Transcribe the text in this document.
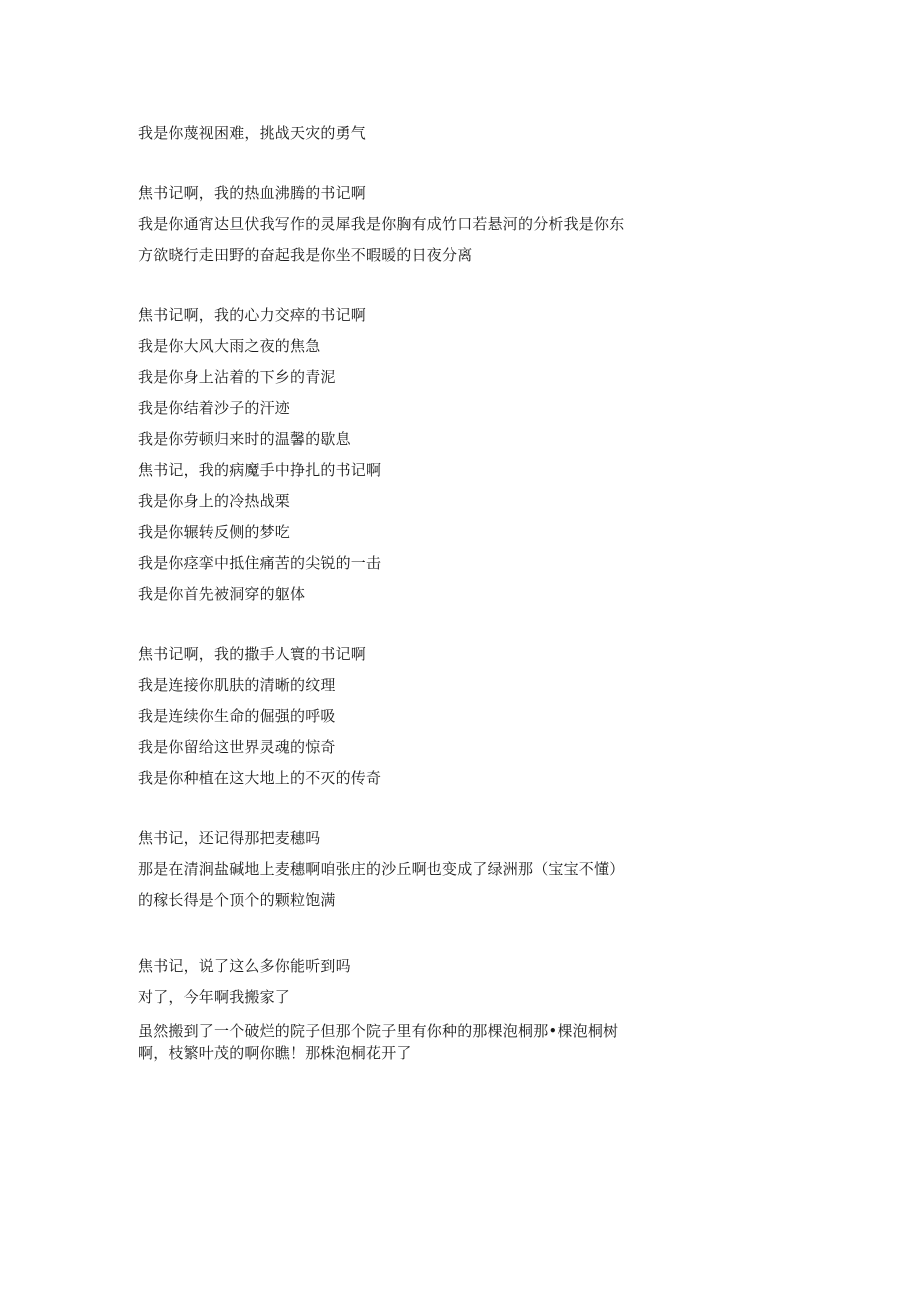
我是你蔑视困难，挑战天灾的勇气
焦书记啊，我的热血沸腾的书记啊
我是你通宵达旦伏我写作的灵犀我是你胸有成竹口若悬河的分析我是你东
方欲晓行走田野的奋起我是你坐不暇暖的日夜分离
焦书记啊，我的心力交瘁的书记啊
我是你大风大雨之夜的焦急
我是你身上沾着的下乡的青泥
我是你结着沙子的汗迹
我是你劳顿归来时的温馨的歇息
焦书记，我的病魔手中挣扎的书记啊
我是你身上的冷热战栗
我是你辗转反侧的梦吃
我是你痉挛中抵住痛苦的尖锐的一击
我是你首先被洞穿的躯体
焦书记啊，我的撒手人寰的书记啊
我是连接你肌肤的清晰的纹理
我是连续你生命的倔强的呼吸
我是你留给这世界灵魂的惊奇
我是你种植在这大地上的不灭的传奇
焦书记，还记得那把麦穗吗
那是在清涧盐碱地上麦穗啊咱张庄的沙丘啊也变成了绿洲那（宝宝不懂）
的稼长得是个顶个的颗粒饱满
焦书记，说了这么多你能听到吗
对了，今年啊我搬家了
虽然搬到了一个破烂的院子但那个院子里有你种的那棵泡桐那•棵泡桐树
啊，枝繁叶茂的啊你瞧！那株泡桐花开了
